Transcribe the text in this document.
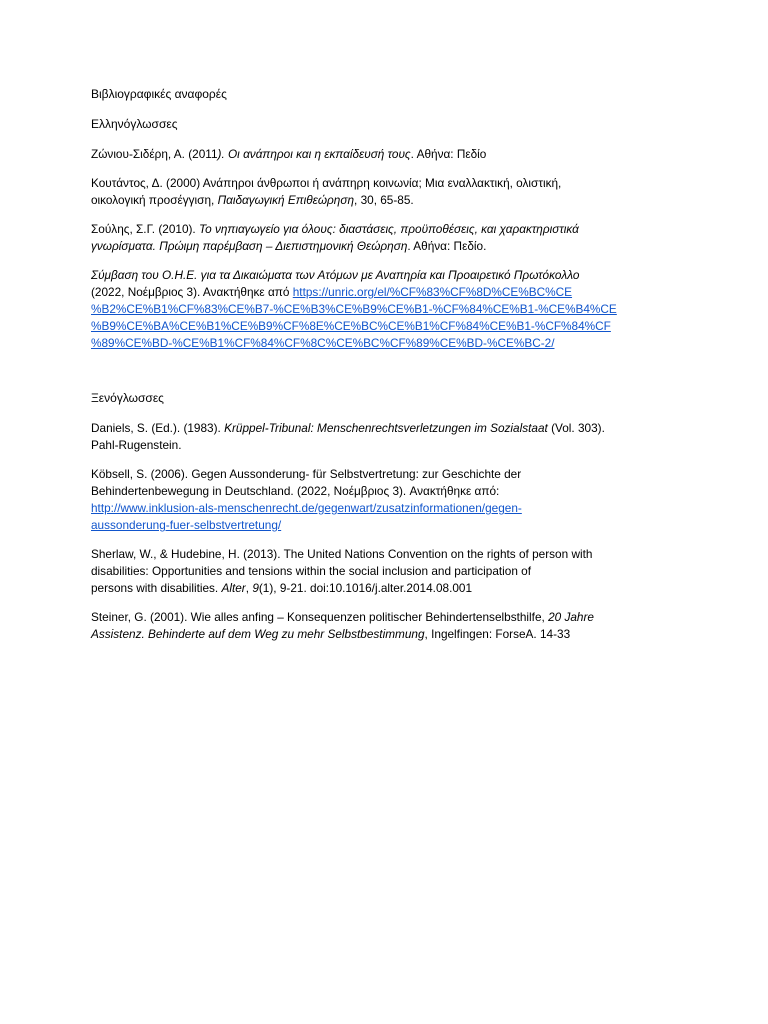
Βιβλιογραφικές αναφορές

Ελληνόγλωσσες

Ζώνιου-Σιδέρη, Α. (2011). Οι ανάπηροι και η εκπαίδευσή τους. Αθήνα: Πεδίο

Κουτάντος, Δ. (2000) Ανάπηροι άνθρωποι ή ανάπηρη κοινωνία; Μια εναλλακτική, ολιστική,
οικολογική προσέγγιση, Παιδαγωγική Επιθεώρηση, 30, 65-85.

Σούλης, Σ.Γ. (2010). Το νηπιαγωγείο για όλους: διαστάσεις, προϋποθέσεις, και χαρακτηριστικά
γνωρίσματα. Πρώιμη παρέμβαση – Διεπιστημονική Θεώρηση. Αθήνα: Πεδίο.

Σύμβαση του Ο.Η.Ε. για τα Δικαιώματα των Ατόμων με Αναπηρία και Προαιρετικό Πρωτόκολλο
(2022, Νοέμβριος 3). Ανακτήθηκε από https://unric.org/el/%CF%83%CF%8D%CE%BC%CE
%B2%CE%B1%CF%83%CE%B7-%CE%B3%CE%B9%CE%B1-%CF%84%CE%B1-%CE%B4%CE
%B9%CE%BA%CE%B1%CE%B9%CF%8E%CE%BC%CE%B1%CF%84%CE%B1-%CF%84%CF
%89%CE%BD-%CE%B1%CF%84%CF%8C%CE%BC%CF%89%CE%BD-%CE%BC-2/

Ξενόγλωσσες

Daniels, S. (Ed.). (1983). Krüppel-Tribunal: Menschenrechtsverletzungen im Sozialstaat (Vol. 303).
Pahl-Rugenstein.

Köbsell, S. (2006). Gegen Aussonderung- für Selbstvertretung: zur Geschichte der
Behindertenbewegung in Deutschland. (2022, Νοέμβριος 3). Ανακτήθηκε από:
http://www.inklusion-als-menschenrecht.de/gegenwart/zusatzinformationen/gegen-
aussonderung-fuer-selbstvertretung/

Sherlaw, W., & Hudebine, H. (2013). The United Nations Convention on the rights of person with
disabilities: Opportunities and tensions within the social inclusion and participation of
persons with disabilities. Alter, 9(1), 9-21. doi:10.1016/j.alter.2014.08.001

Steiner, G. (2001). Wie alles anfing – Konsequenzen politischer Behindertenselbsthilfe, 20 Jahre
Assistenz. Behinderte auf dem Weg zu mehr Selbstbestimmung, Ingelfingen: ForseA. 14-33
